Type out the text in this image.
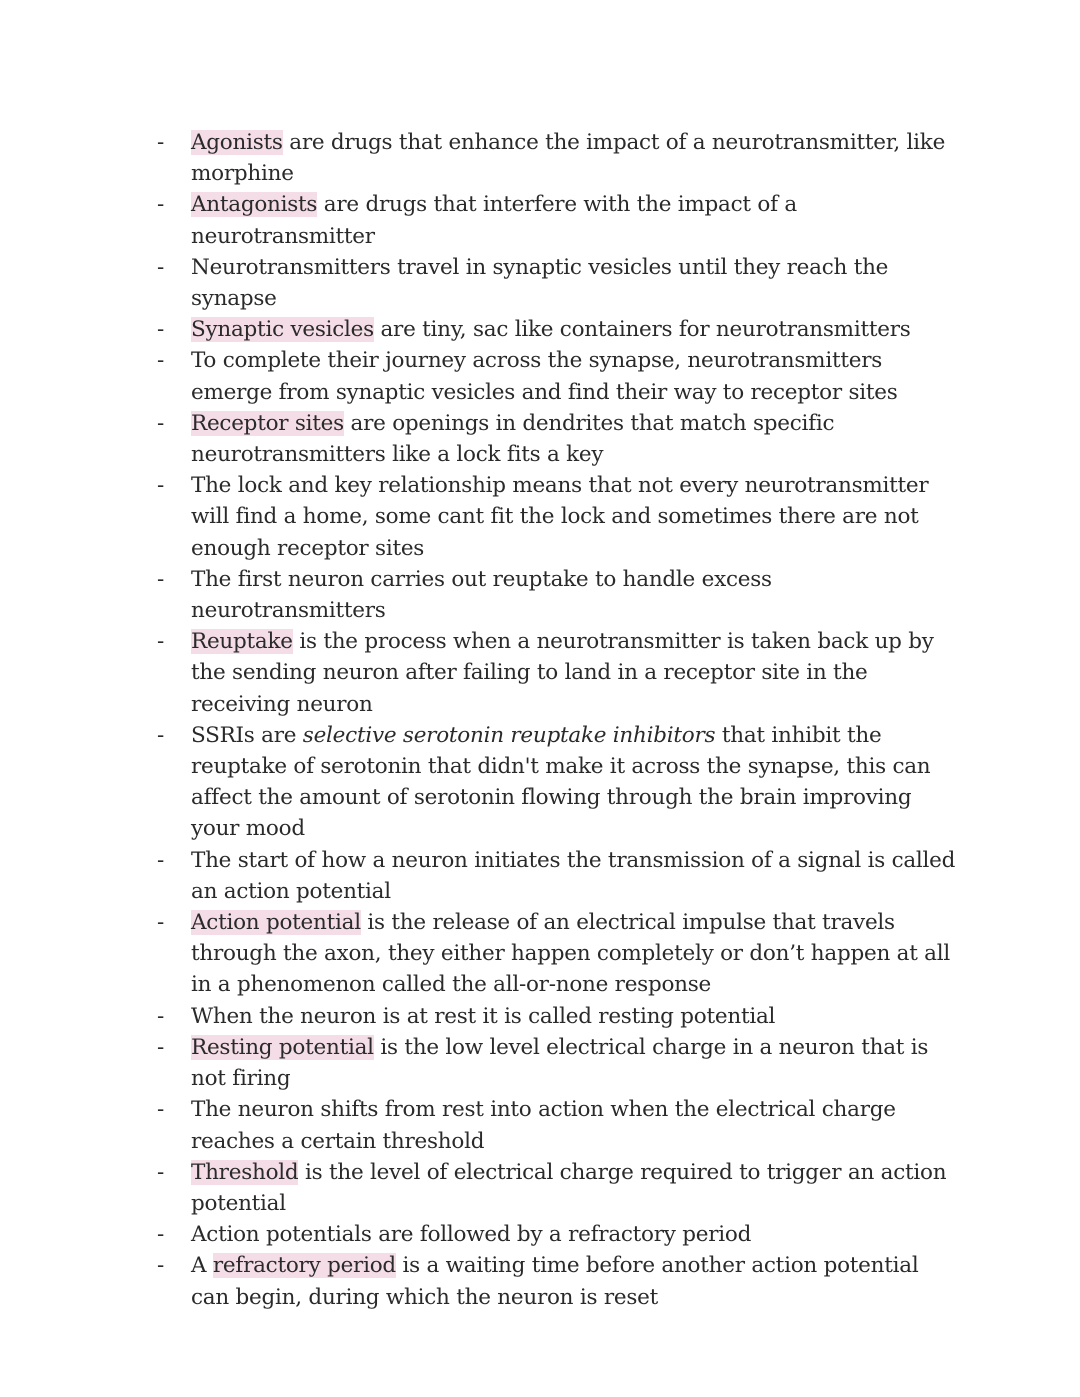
- Agonists are drugs that enhance the impact of a neurotransmitter, like morphine
- Antagonists are drugs that interfere with the impact of a neurotransmitter
- Neurotransmitters travel in synaptic vesicles until they reach the synapse
- Synaptic vesicles are tiny, sac like containers for neurotransmitters
- To complete their journey across the synapse, neurotransmitters emerge from synaptic vesicles and find their way to receptor sites
- Receptor sites are openings in dendrites that match specific neurotransmitters like a lock fits a key
- The lock and key relationship means that not every neurotransmitter will find a home, some cant fit the lock and sometimes there are not enough receptor sites
- The first neuron carries out reuptake to handle excess neurotransmitters
- Reuptake is the process when a neurotransmitter is taken back up by the sending neuron after failing to land in a receptor site in the receiving neuron
- SSRIs are selective serotonin reuptake inhibitors that inhibit the reuptake of serotonin that didn't make it across the synapse, this can affect the amount of serotonin flowing through the brain improving your mood
- The start of how a neuron initiates the transmission of a signal is called an action potential
- Action potential is the release of an electrical impulse that travels through the axon, they either happen completely or don’t happen at all in a phenomenon called the all-or-none response
- When the neuron is at rest it is called resting potential
- Resting potential is the low level electrical charge in a neuron that is not firing
- The neuron shifts from rest into action when the electrical charge reaches a certain threshold
- Threshold is the level of electrical charge required to trigger an action potential
- Action potentials are followed by a refractory period
- A refractory period is a waiting time before another action potential can begin, during which the neuron is reset
